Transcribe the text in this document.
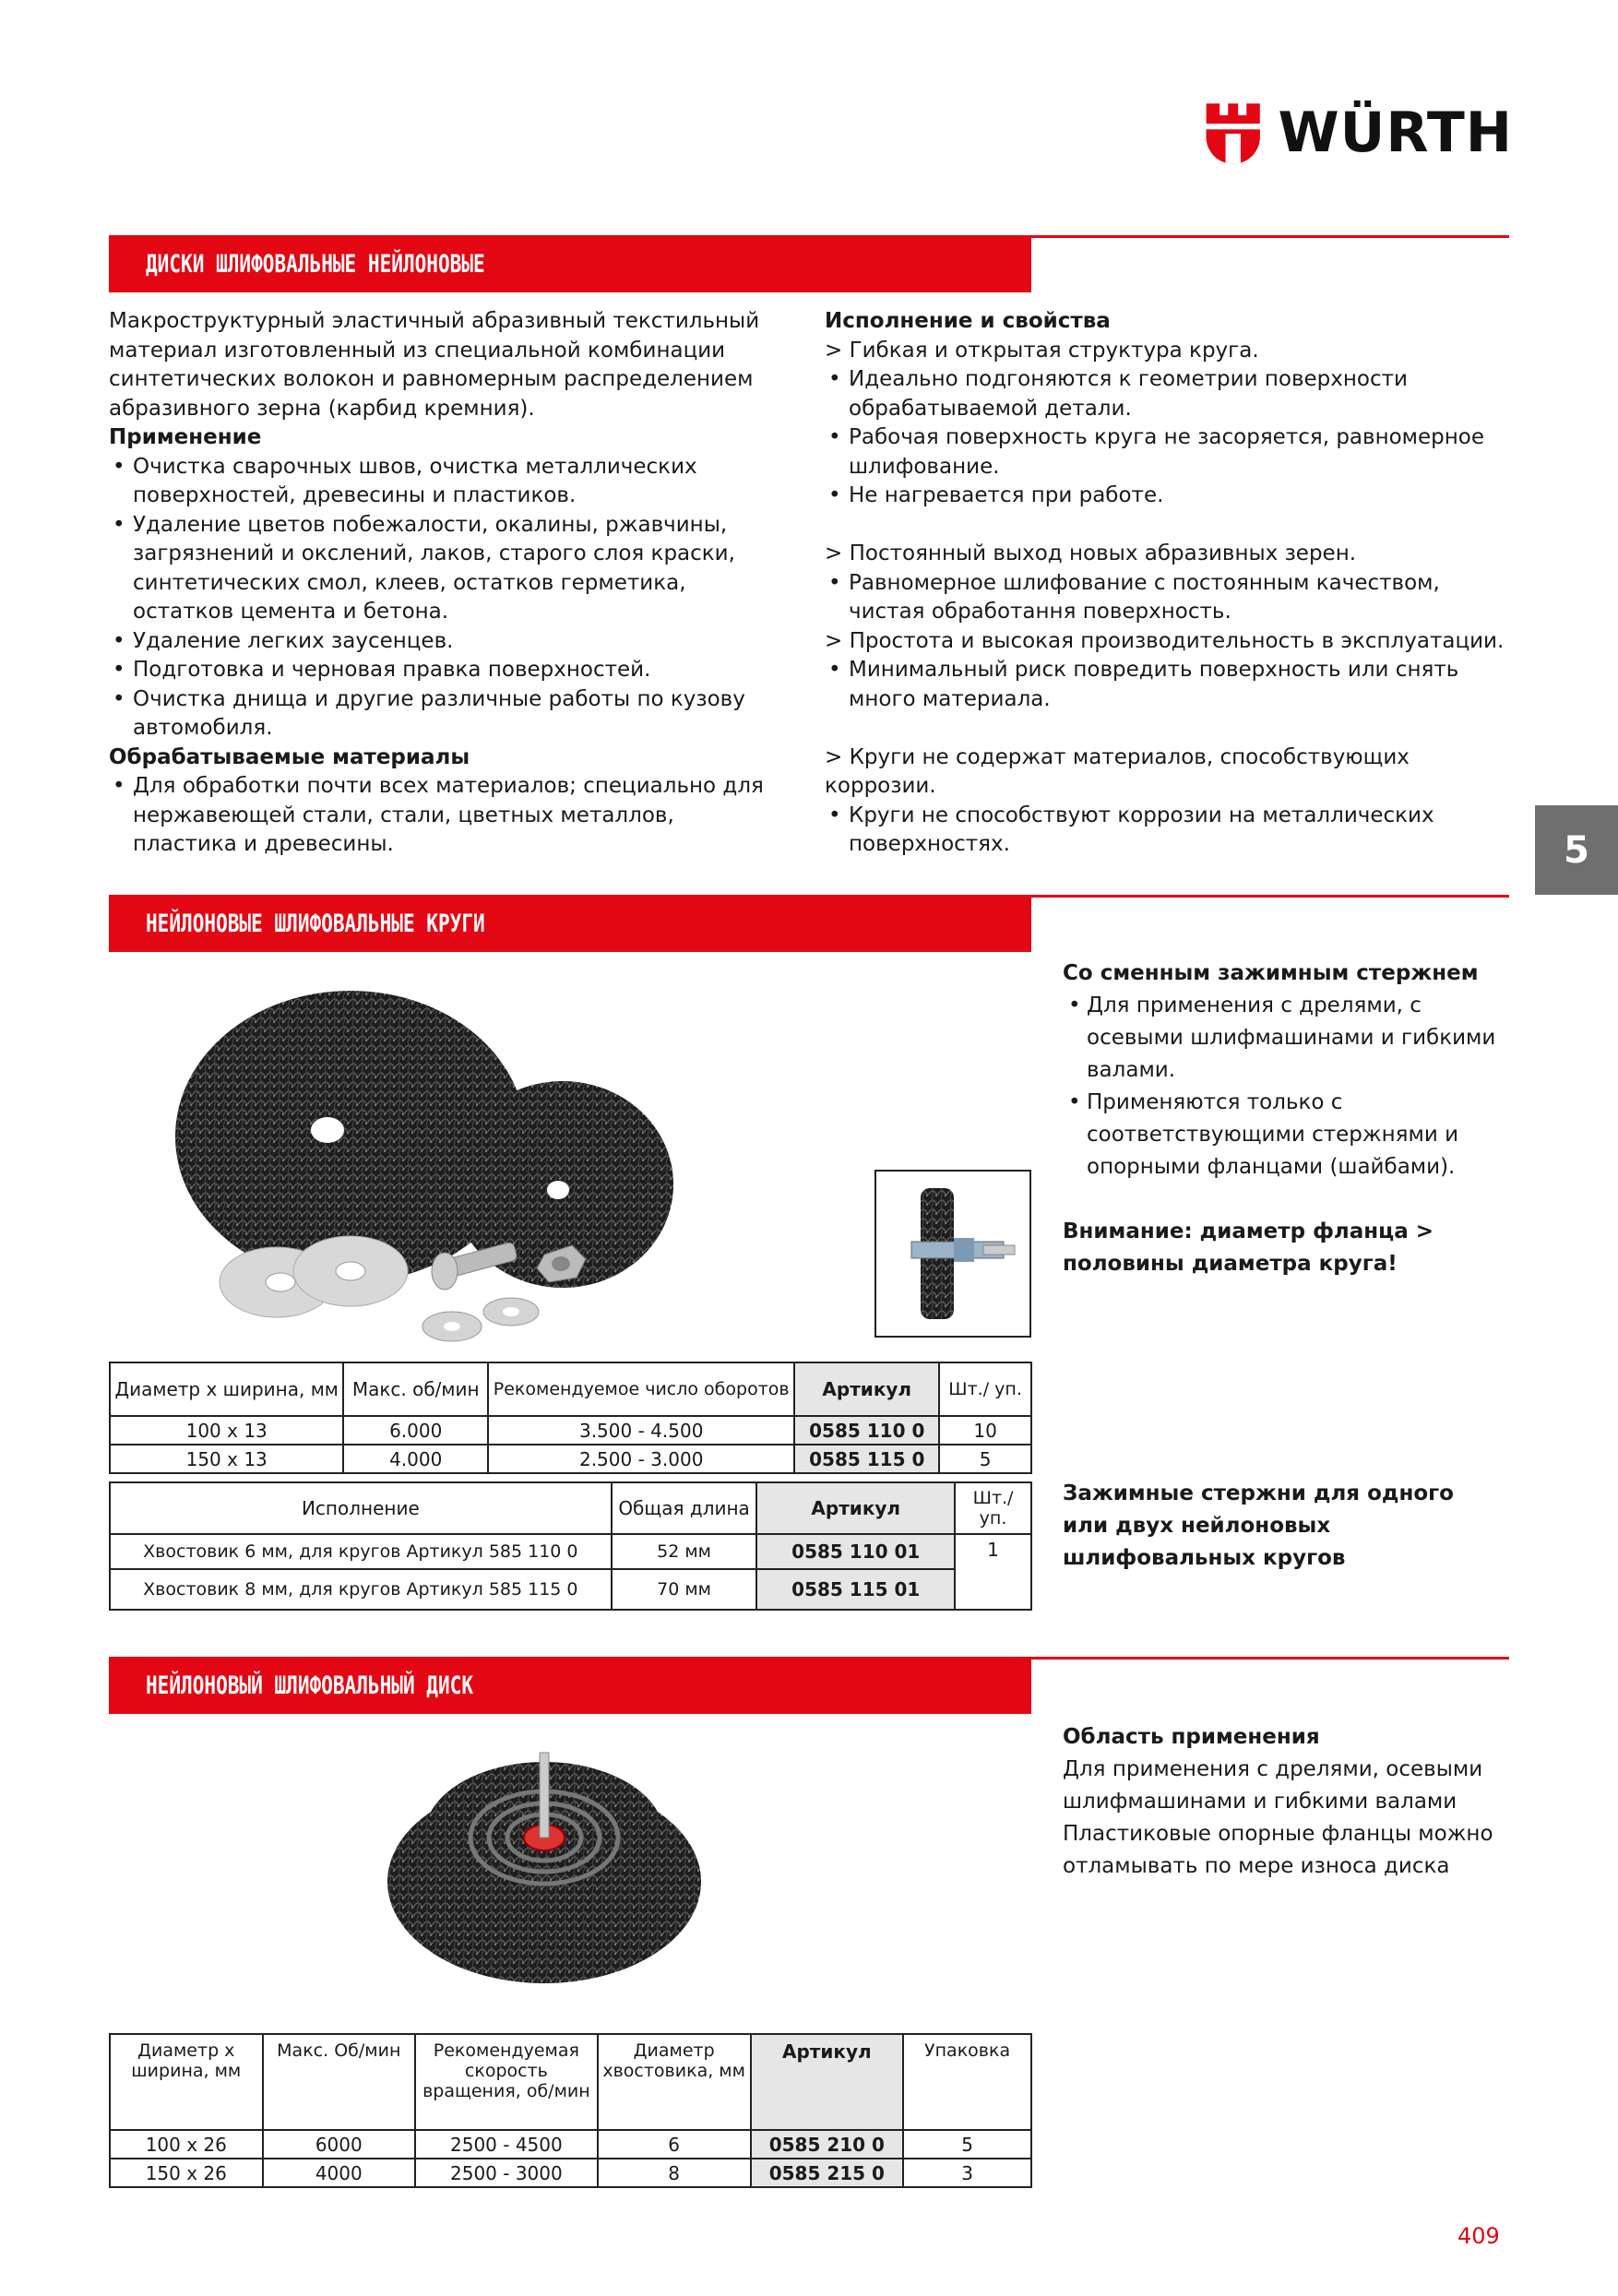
WÜRTH
ДИСКИ ШЛИФОВАЛЬНЫЕ НЕЙЛОНОВЫЕ

Макроструктурный эластичный абразивный текстильный материал изготовленный из специальной комбинации синтетических волокон и равномерным распределением абразивного зерна (карбид кремния).

Применение

• Очистка сварочных швов, очистка металлических поверхностей, древесины и пластиков.
• Удаление цветов побежалости, окалины, ржавчины, загрязнений и окслений, лаков, старого слоя краски, синтетических смол, клеев, остатков герметика, остатков цемента и бетона.
• Удаление легких заусенцев.
• Подготовка и черновая правка поверхностей.
• Очистка днища и другие различные работы по кузову автомобиля.

Обрабатываемые материалы

• Для обработки почти всех материалов; специально для нержавеющей стали, стали, цветных металлов, пластика и древесины.

Исполнение и свойства

> Гибкая и открытая структура круга.

• Идеально подгоняются к геометрии поверхности обрабатываемой детали.
• Рабочая поверхность круга не засоряется, равномерное шлифование.
• Не нагревается при работе.

> Постоянный выход новых абразивных зерен.

• Равномерное шлифование с постоянным качеством, чистая обработання поверхность.

> Простота и высокая производительность в эксплуатации.

• Минимальный риск повредить поверхность или снять много материала.

> Круги не содержат материалов, способствующих коррозии.

• Круги не способствуют коррозии на металлических поверхностях.	5
НЕЙЛОНОВЫЕ ШЛИФОВАЛЬНЫЕ КРУГИ

Со сменным зажимным стержнем

• Для применения с дрелями, с осевыми шлифмашинами и гибкими валами.
• Применяются только с соответствующими стержнями и опорными фланцами (шайбами).

Внимание: диаметр фланца > половины диаметра круга!

Диаметр х ширина, мм	Макс. об/мин	Рекомендуемое число оборотов	Артикул	Шт./ уп.
100 x 13	6.000	3.500 - 4.500	0585 110 0	10
150 x 13	4.000	2.500 - 3.000	0585 115 0	5
Исполнение	Общая длина	Артикул	Шт./ уп.
Хвостовик 6 мм, для кругов Артикул 585 110 0	52 мм	0585 110 01	1
Хвостовик 8 мм, для кругов Артикул 585 115 0	70 мм	0585 115 01	

Зажимные стержни для одного или двух нейлоновых шлифовальных кругов

НЕЙЛОНОВЫЙ ШЛИФОВАЛЬНЫЙ ДИСК

Область применения

Для применения с дрелями, осевыми шлифмашинами и гибкими валами

Пластиковые опорные фланцы можно отламывать по мере износа диска

Диаметр х ширина, мм	Макс. Об/мин	Рекомендуемая скорость вращения, об/мин	Диаметр хвостовика, мм	Артикул	Упаковка
100 x 26	6000	2500 - 4500	6	0585 210 0	5
150 x 26	4000	2500 - 3000	8	0585 215 0	3
409
